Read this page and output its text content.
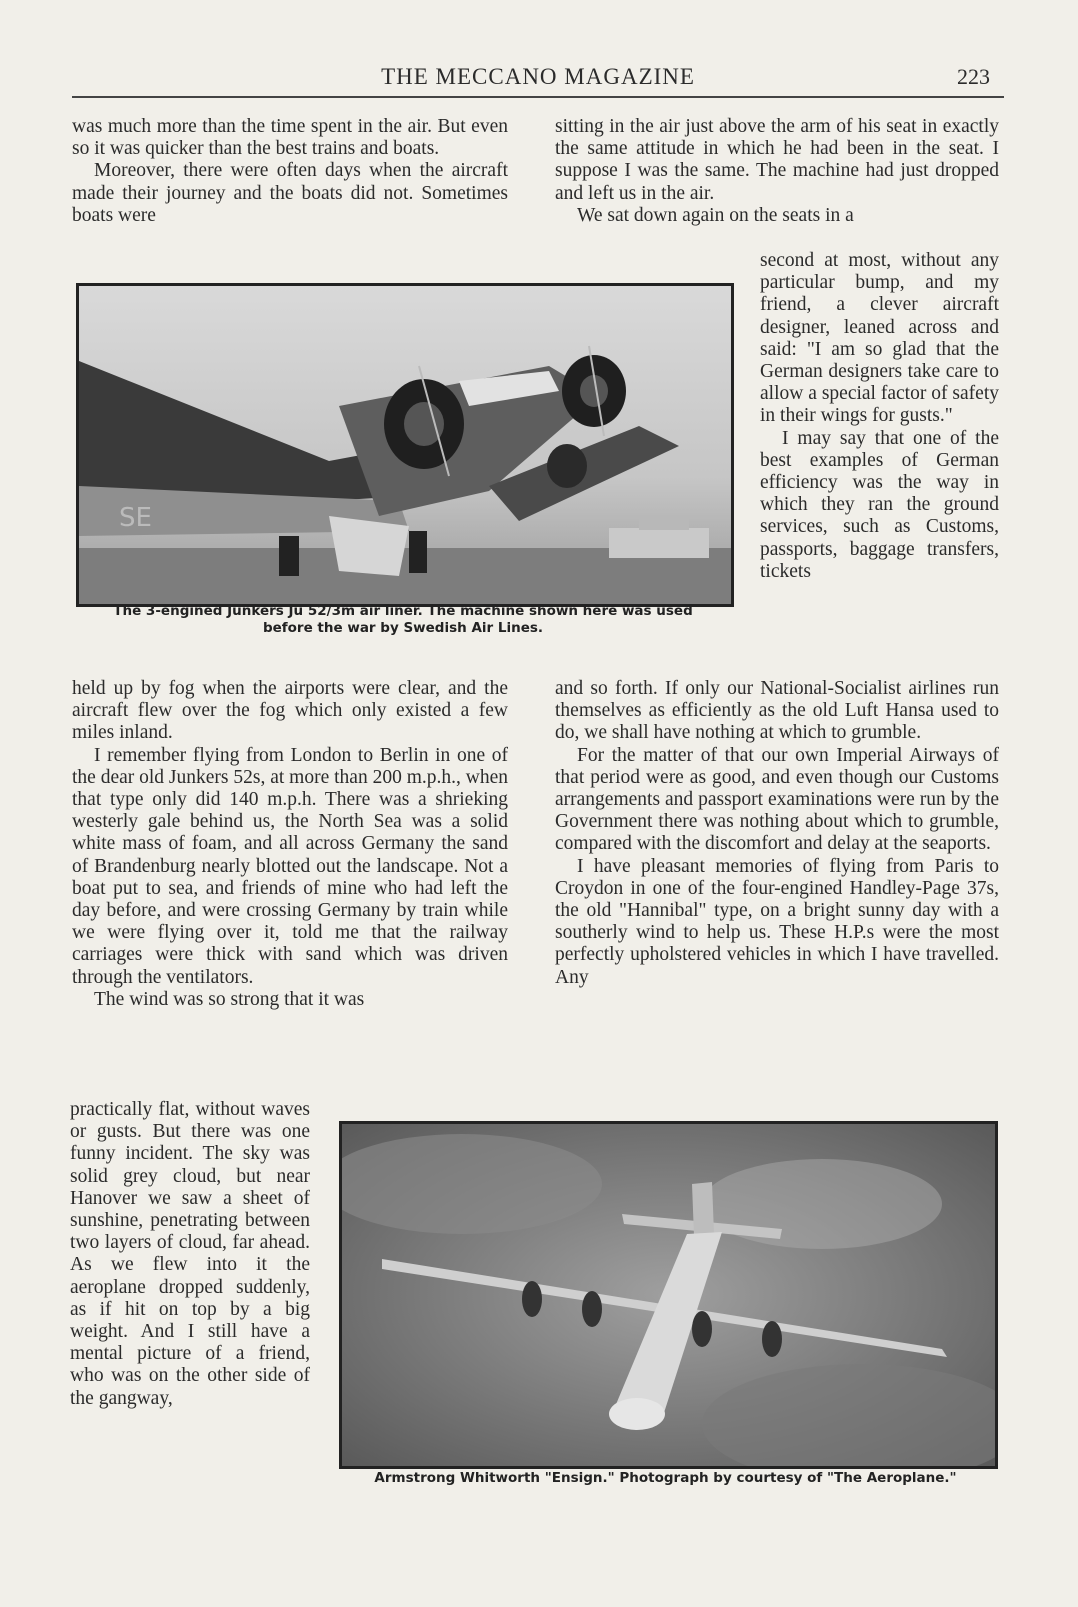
THE MECCANO MAGAZINE	223

was much more than the time spent in the air. But even so it was quicker than the best trains and boats.

Moreover, there were often days when the aircraft made their journey and the boats did not. Sometimes boats were

sitting in the air just above the arm of his seat in exactly the same attitude in which he had been in the seat. I suppose I was the same. The machine had just dropped and left us in the air.

We sat down again on the seats in a

SE
The 3-engined Junkers Ju 52/3m air liner. The machine shown here was used
before the war by Swedish Air Lines.

second at most, without any particular bump, and my friend, a clever aircraft designer, leaned across and said: "I am so glad that the German designers take care to allow a special factor of safety in their wings for gusts."

I may say that one of the best examples of German efficiency was the way in which they ran the ground services, such as Customs, passports, baggage transfers, tickets

held up by fog when the airports were clear, and the aircraft flew over the fog which only existed a few miles inland.

I remember flying from London to Berlin in one of the dear old Junkers 52s, at more than 200 m.p.h., when that type only did 140 m.p.h. There was a shrieking westerly gale behind us, the North Sea was a solid white mass of foam, and all across Germany the sand of Brandenburg nearly blotted out the landscape. Not a boat put to sea, and friends of mine who had left the day before, and were crossing Germany by train while we were flying over it, told me that the railway carriages were thick with sand which was driven through the ventilators.

The wind was so strong that it was

and so forth. If only our National-Socialist airlines run themselves as efficiently as the old Luft Hansa used to do, we shall have nothing at which to grumble.

For the matter of that our own Imperial Airways of that period were as good, and even though our Customs arrangements and passport examinations were run by the Government there was nothing about which to grumble, compared with the discomfort and delay at the seaports.

I have pleasant memories of flying from Paris to Croydon in one of the four-engined Handley-Page 37s, the old "Hannibal" type, on a bright sunny day with a southerly wind to help us. These H.P.s were the most perfectly upholstered vehicles in which I have travelled. Any

practically flat, without waves or gusts. But there was one funny incident. The sky was solid grey cloud, but near Hanover we saw a sheet of sunshine, penetrating between two layers of cloud, far ahead. As we flew into it the aeroplane dropped suddenly, as if hit on top by a big weight. And I still have a mental picture of a friend, who was on the other side of the gangway,

Armstrong Whitworth "Ensign." Photograph by courtesy of "The Aeroplane."
